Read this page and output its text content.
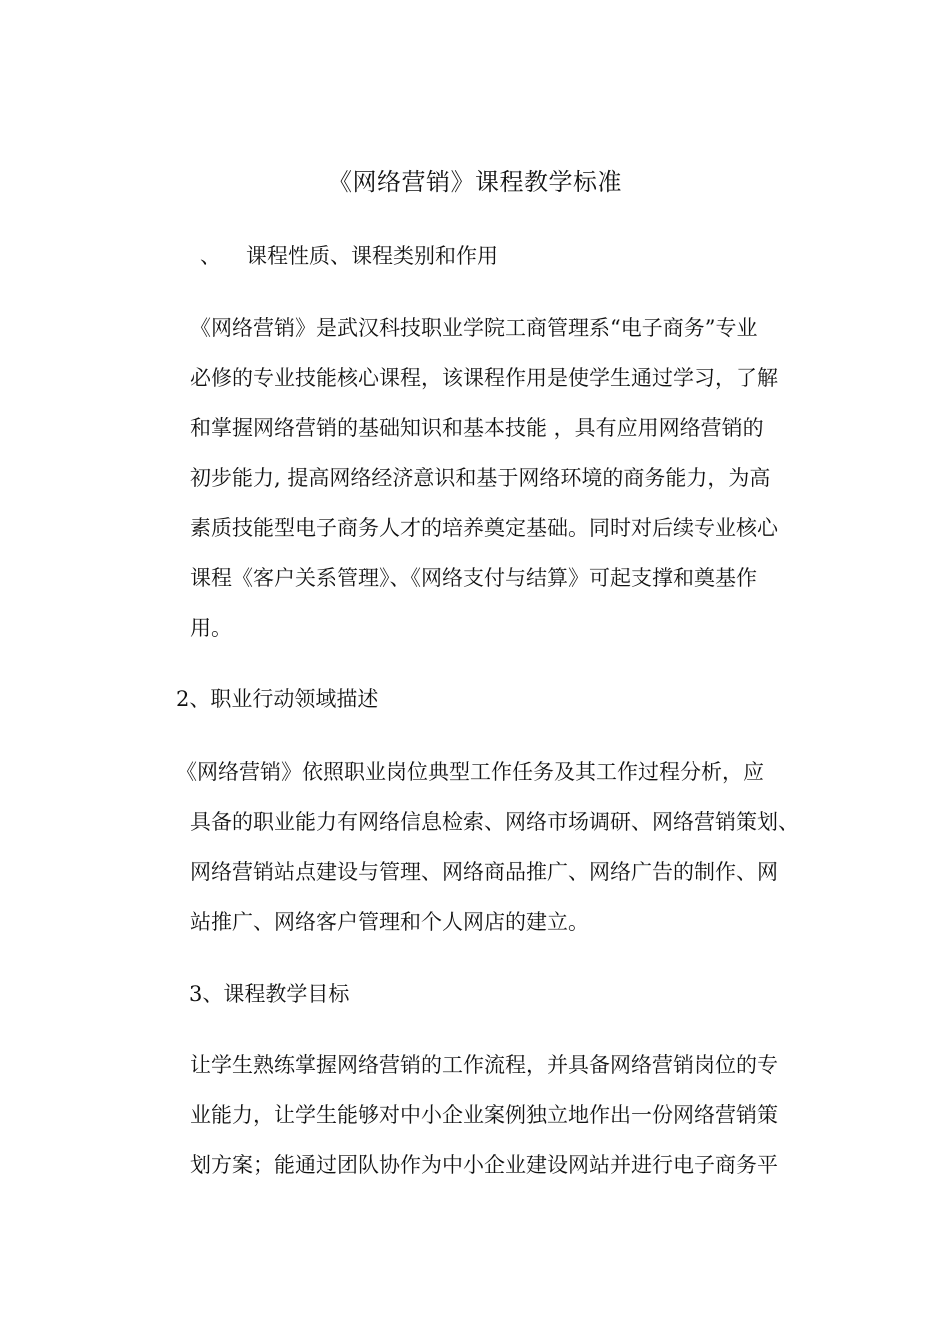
《网络营销》课程教学标准
、 课程性质、课程类别和作用
《网络营销》是武汉科技职业学院工商管理系“电子商务”专业
必修的专业技能核心课程，该课程作用是使学生通过学习，了解
和掌握网络营销的基础知识和基本技能 ，具有应用网络营销的
初步能力, 提高网络经济意识和基于网络环境的商务能力，为高
素质技能型电子商务人才的培养奠定基础。同时对后续专业核心
课程《客户关系管理》、《网络支付与结算》可起支撑和奠基作
用。
2、职业行动领域描述
《网络营销》依照职业岗位典型工作任务及其工作过程分析，应
具备的职业能力有网络信息检索、网络市场调研、网络营销策划、
网络营销站点建设与管理、网络商品推广、网络广告的制作、网
站推广、网络客户管理和个人网店的建立。
3、课程教学目标
让学生熟练掌握网络营销的工作流程，并具备网络营销岗位的专
业能力，让学生能够对中小企业案例独立地作出一份网络营销策
划方案；能通过团队协作为中小企业建设网站并进行电子商务平
